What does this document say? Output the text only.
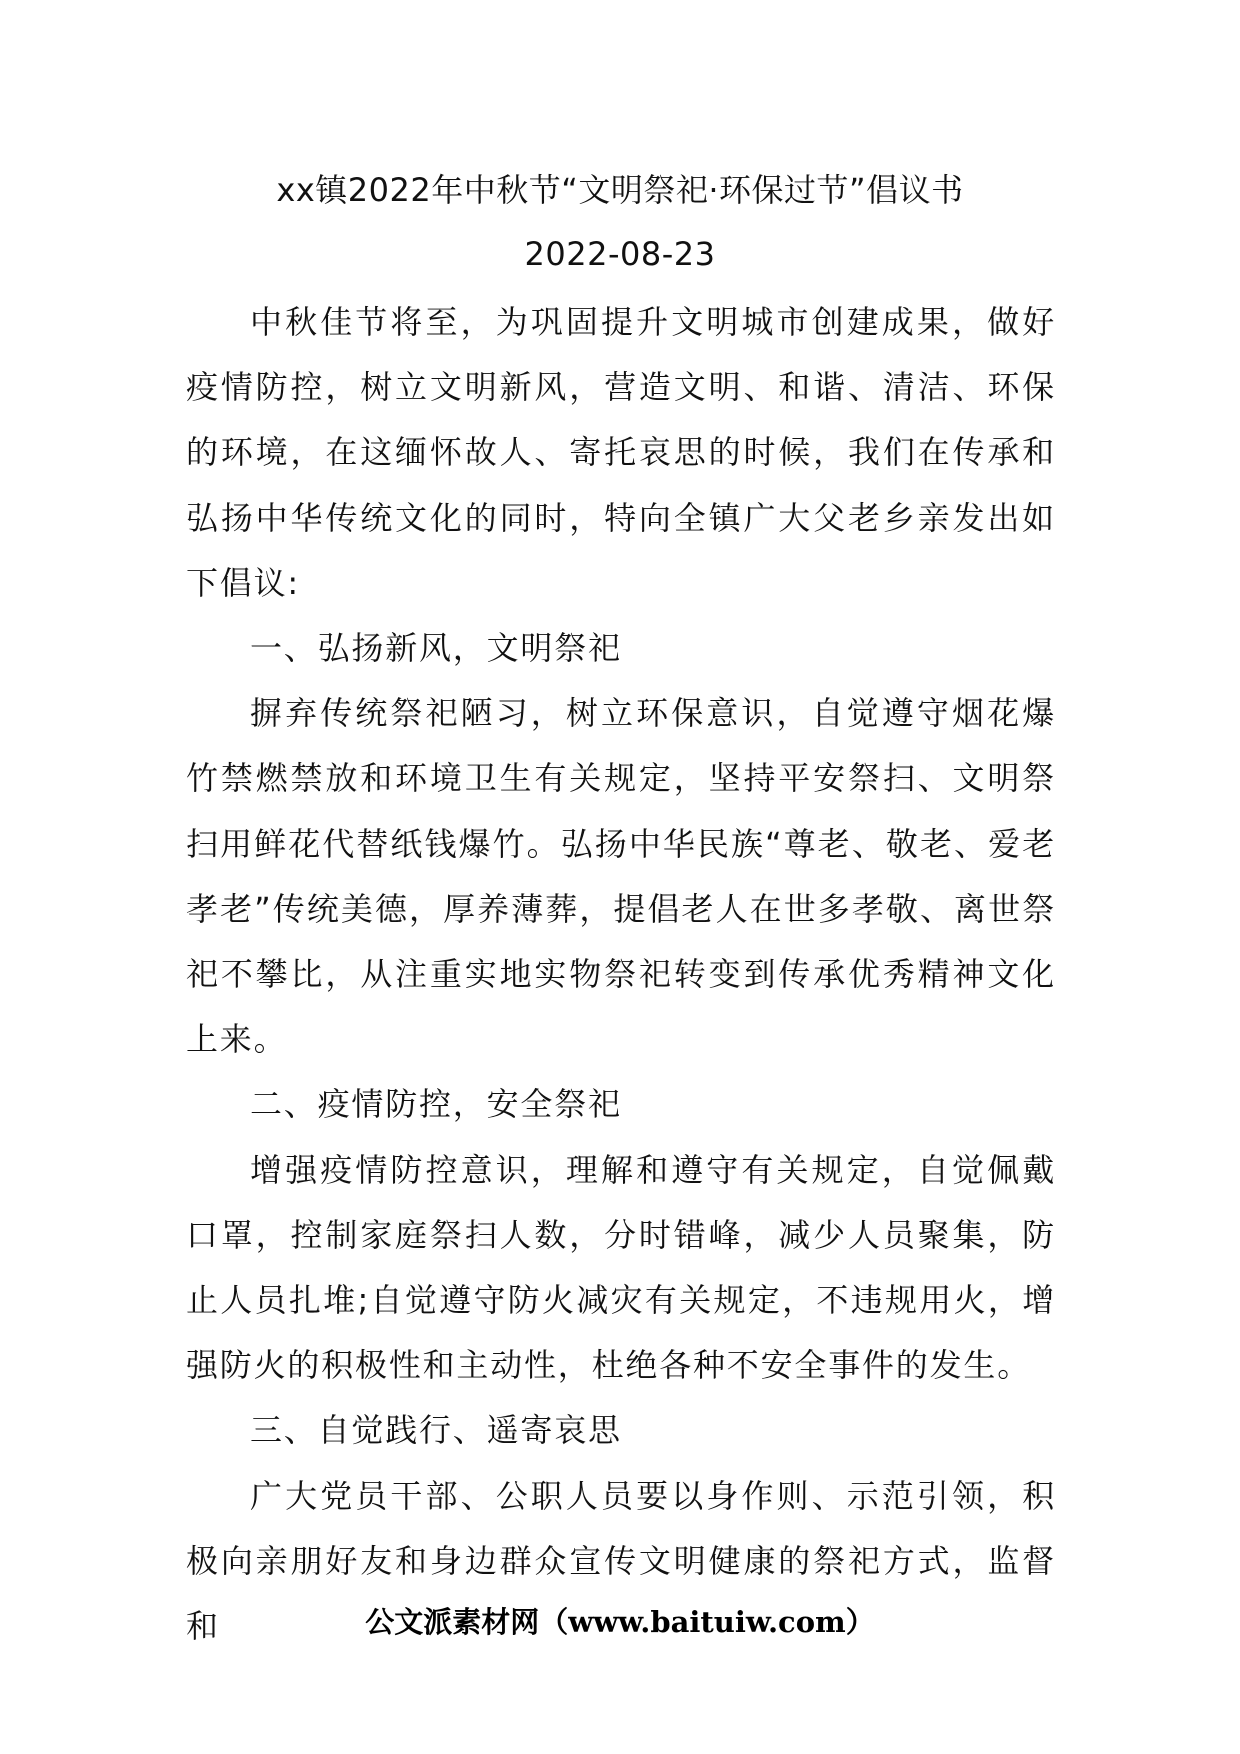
xx镇2022年中秋节“文明祭祀·环保过节”倡议书
2022-08-23

中秋佳节将至，为巩固提升文明城市创建成果，做好疫情防控，树立文明新风，营造文明、和谐、清洁、环保的环境，在这缅怀故人、寄托哀思的时候，我们在传承和弘扬中华传统文化的同时，特向全镇广大父老乡亲发出如下倡议:

一、弘扬新风，文明祭祀

摒弃传统祭祀陋习，树立环保意识，自觉遵守烟花爆竹禁燃禁放和环境卫生有关规定，坚持平安祭扫、文明祭扫用鲜花代替纸钱爆竹。弘扬中华民族“尊老、敬老、爱老孝老”传统美德，厚养薄葬，提倡老人在世多孝敬、离世祭祀不攀比，从注重实地实物祭祀转变到传承优秀精神文化上来。

二、疫情防控，安全祭祀

增强疫情防控意识，理解和遵守有关规定，自觉佩戴口罩，控制家庭祭扫人数，分时错峰，减少人员聚集，防止人员扎堆;自觉遵守防火减灾有关规定，不违规用火，增强防火的积极性和主动性，杜绝各种不安全事件的发生。

三、自觉践行、遥寄哀思

广大党员干部、公职人员要以身作则、示范引领，积极向亲朋好友和身边群众宣传文明健康的祭祀方式，监督和	公文派素材网（www.baituiw.com）
